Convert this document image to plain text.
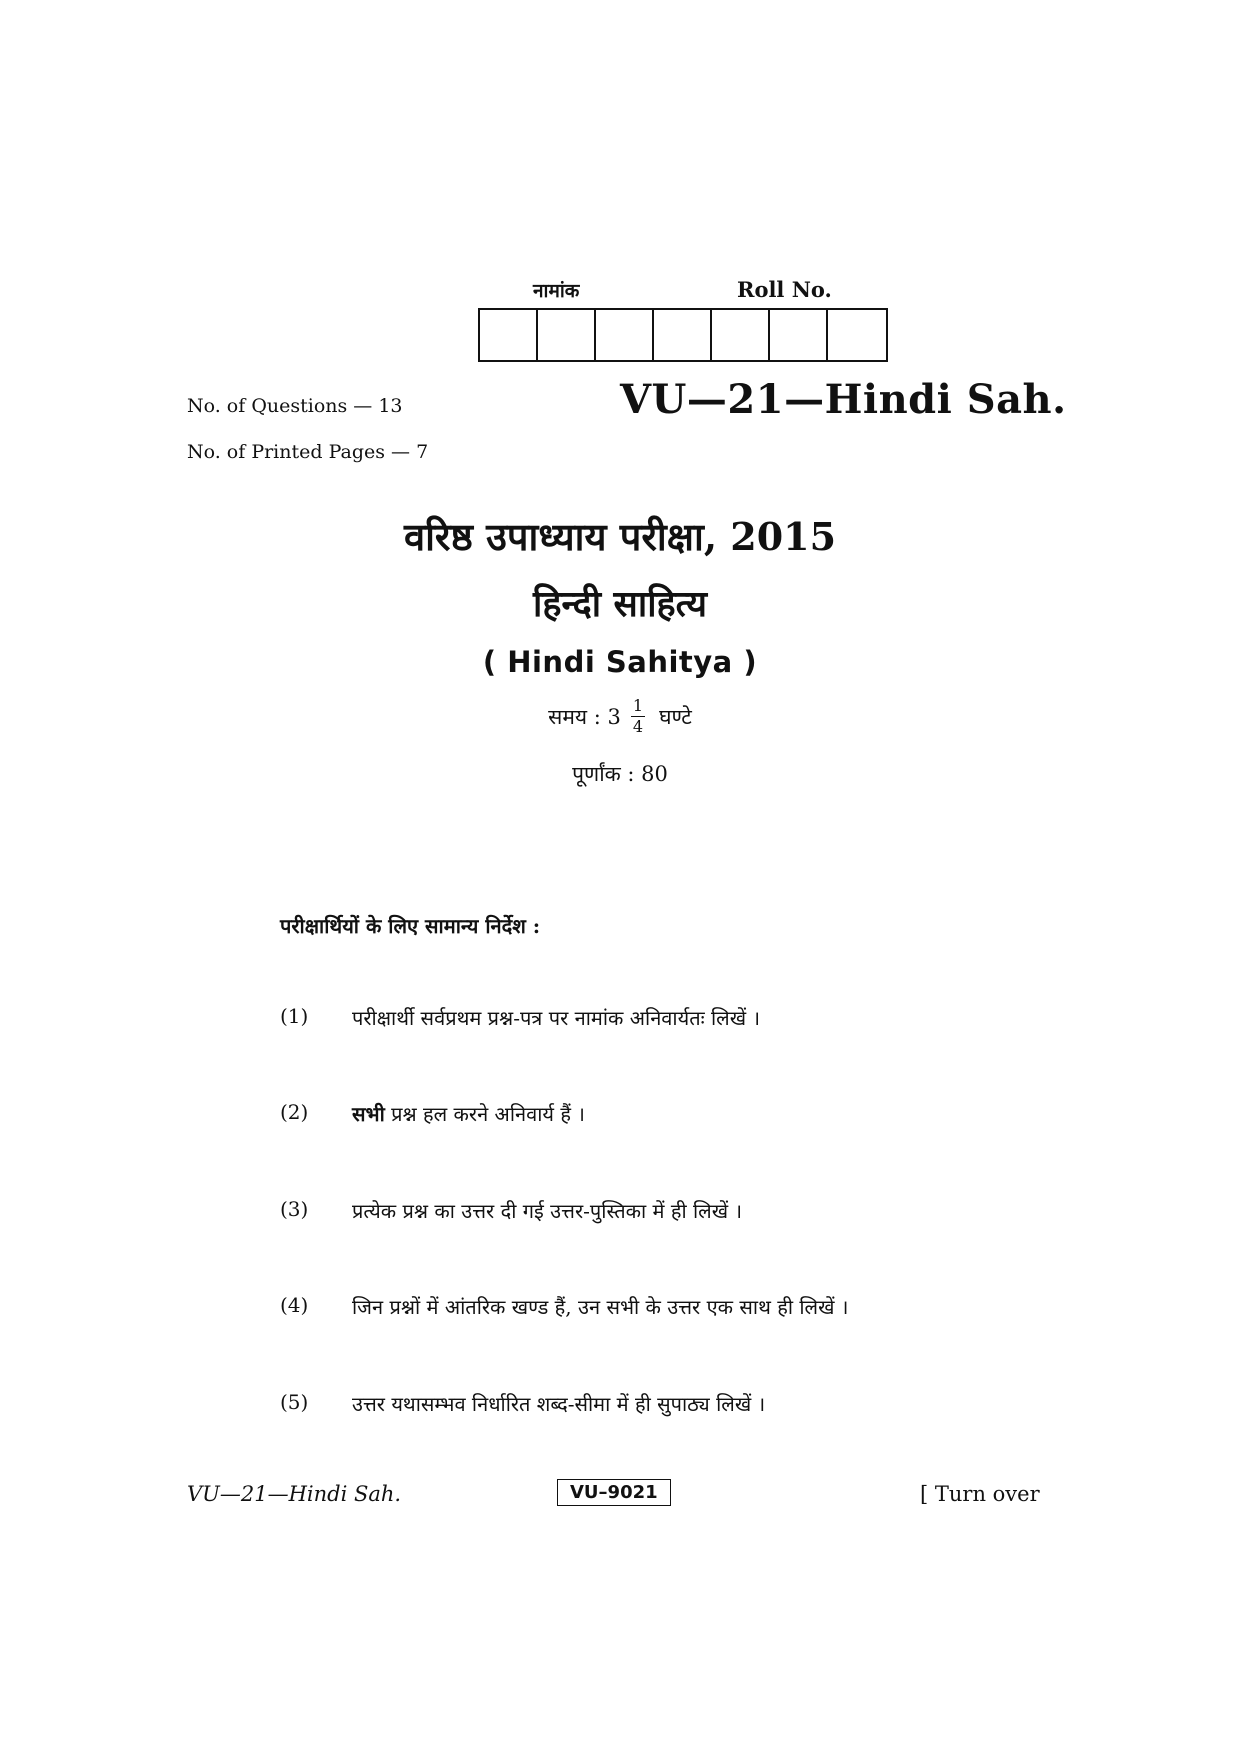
नामांक	Roll No.
No. of Questions — 13
No. of Printed Pages — 7
VU—21—Hindi Sah.
वरिष्ठ उपाध्याय परीक्षा, 2015
हिन्दी साहित्य
( Hindi Sahitya )
समय : $3 \frac{1}{4}$ घण्टे
पूर्णांक : 80
परीक्षार्थियों के लिए सामान्य निर्देश :
(1)	परीक्षार्थी सर्वप्रथम प्रश्न-पत्र पर नामांक अनिवार्यतः लिखें ।
(2)	सभी प्रश्न हल करने अनिवार्य हैं ।
(3)	प्रत्येक प्रश्न का उत्तर दी गई उत्तर-पुस्तिका में ही लिखें ।
(4)	जिन प्रश्नों में आंतरिक खण्ड हैं, उन सभी के उत्तर एक साथ ही लिखें ।
(5)	उत्तर यथासम्भव निर्धारित शब्द-सीमा में ही सुपाठ्य लिखें ।
VU—21—Hindi Sah.	VU–9021	[ Turn over
